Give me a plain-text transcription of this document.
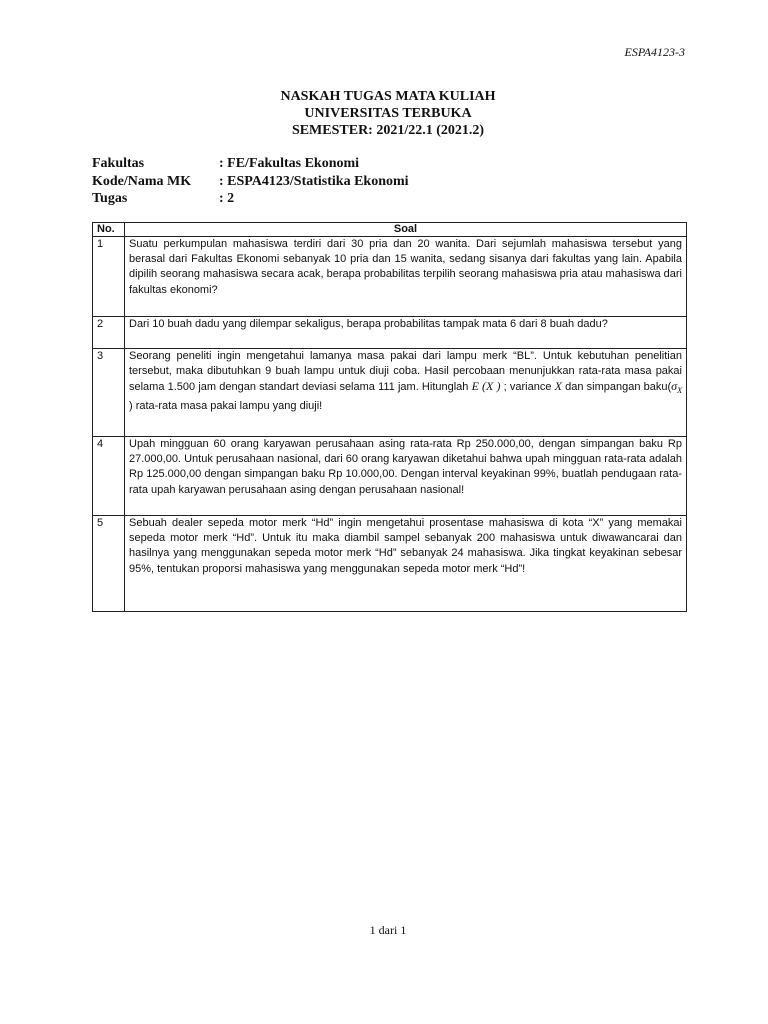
ESPA4123-3
NASKAH TUGAS MATA KULIAH
UNIVERSITAS TERBUKA
SEMESTER: 2021/22.1 (2021.2)
Fakultas	: FE/Fakultas Ekonomi
Kode/Nama MK	: ESPA4123/Statistika Ekonomi
Tugas	: 2
No.	Soal
1	Suatu perkumpulan mahasiswa terdiri dari 30 pria dan 20 wanita. Dari sejumlah mahasiswa tersebut yang berasal dari Fakultas Ekonomi sebanyak 10 pria dan 15 wanita, sedang sisanya dari fakultas yang lain. Apabila dipilih seorang mahasiswa secara acak, berapa probabilitas terpilih seorang mahasiswa pria atau mahasiswa dari fakultas ekonomi?
2	Dari 10 buah dadu yang dilempar sekaligus, berapa probabilitas tampak mata 6 dari 8 buah dadu?
3	Seorang peneliti ingin mengetahui lamanya masa pakai dari lampu merk “BL”. Untuk kebutuhan penelitian tersebut, maka dibutuhkan 9 buah lampu untuk diuji coba. Hasil percobaan menunjukkan rata-rata masa pakai selama 1.500 jam dengan standart deviasi selama 111 jam. Hitunglah E (X ) ; variance X dan simpangan $baku(\sigma_X$ ) rata-rata masa pakai lampu yang diuji!
4	Upah mingguan 60 orang karyawan perusahaan asing rata-rata Rp 250.000,00, dengan simpangan baku Rp 27.000,00. Untuk perusahaan nasional, dari 60 orang karyawan diketahui bahwa upah mingguan rata-rata adalah Rp 125.000,00 dengan simpangan baku Rp 10.000,00. Dengan interval keyakinan 99%, buatlah pendugaan rata-rata upah karyawan perusahaan asing dengan perusahaan nasional!
5	Sebuah dealer sepeda motor merk “Hd” ingin mengetahui prosentase mahasiswa di kota “X” yang memakai sepeda motor merk “Hd”. Untuk itu maka diambil sampel sebanyak 200 mahasiswa untuk diwawancarai dan hasilnya yang menggunakan sepeda motor merk “Hd” sebanyak 24 mahasiswa. Jika tingkat keyakinan sebesar 95%, tentukan proporsi mahasiswa yang menggunakan sepeda motor merk “Hd”!
1 dari 1
